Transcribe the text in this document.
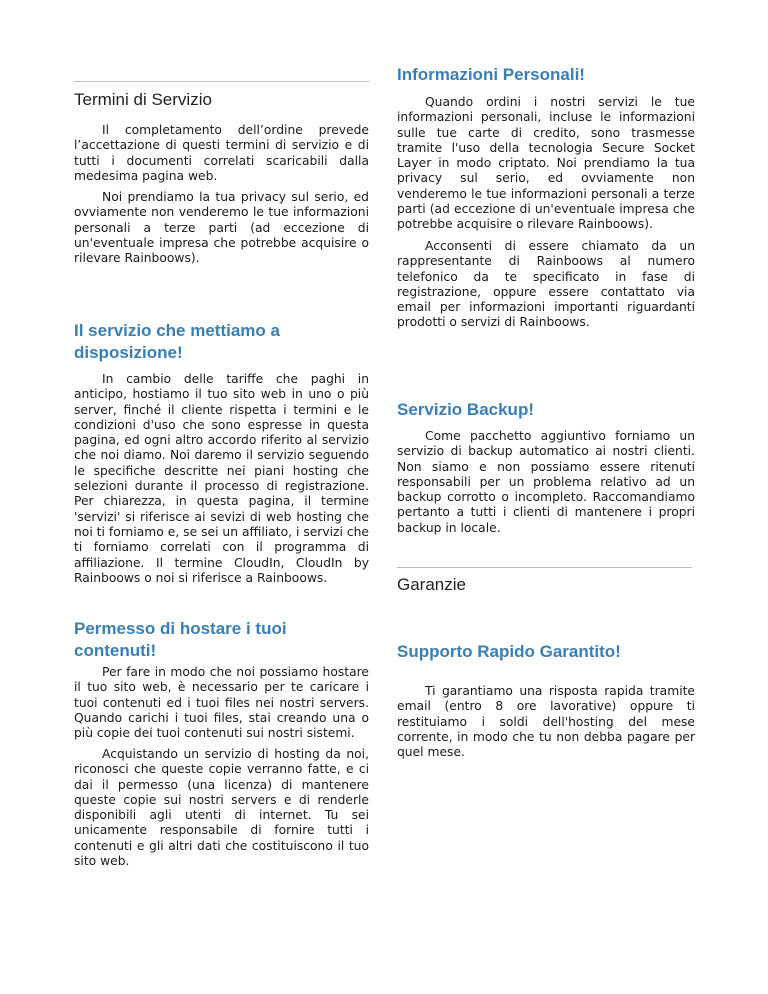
Termini di Servizio

Il completamento dell’ordine prevede l’accettazione di questi termini di servizio e di tutti i documenti correlati scaricabili dalla medesima pagina web.

Noi prendiamo la tua privacy sul serio, ed ovviamente non venderemo le tue informazioni personali a terze parti (ad eccezione di un'eventuale impresa che potrebbe acquisire o rilevare Rainboows).

Il servizio che mettiamo a disposizione!

In cambio delle tariffe che paghi in anticipo, hostiamo il tuo sito web in uno o più server, finché il cliente rispetta i termini e le condizioni d'uso che sono espresse in questa pagina, ed ogni altro accordo riferito al servizio che noi diamo. Noi daremo il servizio seguendo le specifiche descritte nei piani hosting che selezioni durante il processo di registrazione. Per chiarezza, in questa pagina, il termine 'servizi' si riferisce ai sevizi di web hosting che noi ti forniamo e, se sei un affiliato, i servizi che ti forniamo correlati con il programma di affiliazione. Il termine CloudIn, CloudIn by Rainboows o noi si riferisce a Rainboows.

Permesso di hostare i tuoi contenuti!

Per fare in modo che noi possiamo hostare il tuo sito web, è necessario per te caricare i tuoi contenuti ed i tuoi files nei nostri servers. Quando carichi i tuoi files, stai creando una o più copie dei tuoi contenuti sui nostri sistemi.

Acquistando un servizio di hosting da noi, riconosci che queste copie verranno fatte, e ci dai il permesso (una licenza) di mantenere queste copie sui nostri servers e di renderle disponibili agli utenti di internet. Tu sei unicamente responsabile di fornire tutti i contenuti e gli altri dati che costituiscono il tuo sito web.

Informazioni Personali!

Quando ordini i nostri servizi le tue informazioni personali, incluse le informazioni sulle tue carte di credito, sono trasmesse tramite l'uso della tecnologia Secure Socket Layer in modo criptato. Noi prendiamo la tua privacy sul serio, ed ovviamente non venderemo le tue informazioni personali a terze parti (ad eccezione di un'eventuale impresa che potrebbe acquisire o rilevare Rainboows).

Acconsenti di essere chiamato da un rappresentante di Rainboows al numero telefonico da te specificato in fase di registrazione, oppure essere contattato via email per informazioni importanti riguardanti prodotti o servizi di Rainboows.

Servizio Backup!

Come pacchetto aggiuntivo forniamo un servizio di backup automatico ai nostri clienti. Non siamo e non possiamo essere ritenuti responsabili per un problema relativo ad un backup corrotto o incompleto. Raccomandiamo pertanto a tutti i clienti di mantenere i propri backup in locale.

Garanzie
Supporto Rapido Garantito!

Ti garantiamo una risposta rapida tramite email (entro 8 ore lavorative) oppure ti restituiamo i soldi dell'hosting del mese corrente, in modo che tu non debba pagare per quel mese.
